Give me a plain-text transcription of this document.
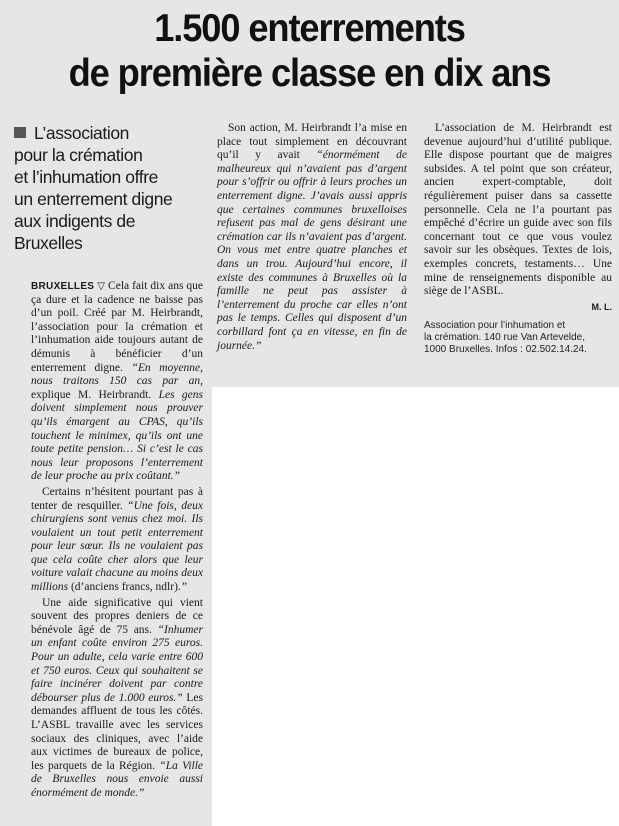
1.500 enterrements
de première classe en dix ans
L’association
pour la crémation
et l’inhumation offre
un enterrement digne
aux indigents de Bruxelles

BRUXELLES ▽ Cela fait dix ans que ça dure et la cadence ne baisse pas d’un poil. Créé par M. Heirbrandt, l’association pour la crémation et l’inhumation aide toujours autant de démunis à bénéficier d’un enterrement digne. “En moyenne, nous traitons 150 cas par an, explique M. Heirbrandt. Les gens doivent simplement nous prouver qu’ils émargent au CPAS, qu’ils touchent le minimex, qu’ils ont une toute petite pension… Si c’est le cas nous leur proposons l’enterrement de leur proche au prix coûtant.”

Certains n’hésitent pourtant pas à tenter de resquiller. “Une fois, deux chirurgiens sont venus chez moi. Ils voulaient un tout petit enterrement pour leur sœur. Ils ne voulaient pas que cela coûte cher alors que leur voiture valait chacune au moins deux millions (d’anciens francs, ndlr).”

Une aide significative qui vient souvent des propres deniers de ce bénévole âgé de 75 ans. “Inhumer un enfant coûte environ 275 euros. Pour un adulte, cela varie entre 600 et 750 euros. Ceux qui souhaitent se faire incinérer doivent par contre débourser plus de 1.000 euros.” Les demandes affluent de tous les côtés. L’ASBL travaille avec les services sociaux des cliniques, avec l’aide aux victimes de bureaux de police, les parquets de la Région. “La Ville de Bruxelles nous envoie aussi énormément de monde.”

Son action, M. Heirbrandt l’a mise en place tout simplement en découvrant qu’il y avait “énormément de malheureux qui n’avaient pas d’argent pour s’offrir ou offrir à leurs proches un enterrement digne. J’avais aussi appris que certaines communes bruxelloises refusent pas mal de gens désirant une crémation car ils n’avaient pas d’argent. On vous met entre quatre planches et dans un trou. Aujourd’hui encore, il existe des communes à Bruxelles où la famille ne peut pas assister à l’enterrement du proche car elles n’ont pas le temps. Celles qui disposent d’un corbillard font ça en vitesse, en fin de journée.”

L’association de M. Heirbrandt est devenue aujourd’hui d’utilité publique. Elle dispose pourtant que de maigres subsides. A tel point que son créateur, ancien expert-comptable, doit régulièrement puiser dans sa cassette personnelle. Cela ne l’a pourtant pas empêché d’écrire un guide avec son fils concernant tout ce que vous voulez savoir sur les obsèques. Textes de lois, exemples concrets, testaments… Une mine de renseignements disponible au siège de l’ASBL.

M. L.
Association pour l’inhumation et
la crémation. 140 rue Van Artevelde,
1000 Bruxelles. Infos : 02.502.14.24.
